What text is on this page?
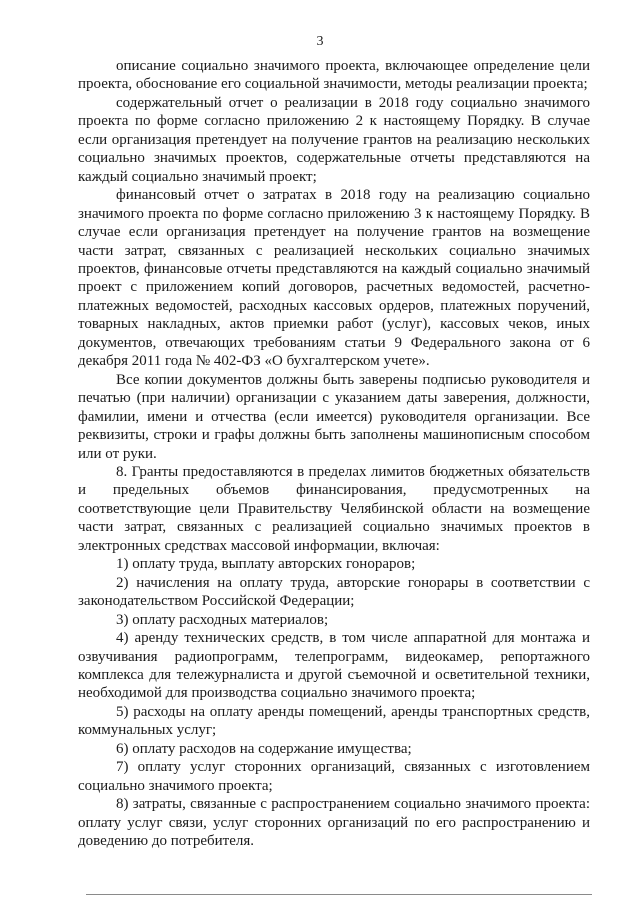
3

описание социально значимого проекта, включающее определение цели проекта, обоснование его социальной значимости, методы реализации проекта;

содержательный отчет о реализации в 2018 году социально значимого проекта по форме согласно приложению 2 к настоящему Порядку. В случае если организация претендует на получение грантов на реализацию нескольких социально значимых проектов, содержательные отчеты представляются на каждый социально значимый проект;

финансовый отчет о затратах в 2018 году на реализацию социально значимого проекта по форме согласно приложению 3 к настоящему Порядку. В случае если организация претендует на получение грантов на возмещение части затрат, связанных с реализацией нескольких социально значимых проектов, финансовые отчеты представляются на каждый социально значимый проект с приложением копий договоров, расчетных ведомостей, расчетно-платежных ведомостей, расходных кассовых ордеров, платежных поручений, товарных накладных, актов приемки работ (услуг), кассовых чеков, иных документов, отвечающих требованиям статьи 9 Федерального закона от 6 декабря 2011 года № 402-ФЗ «О бухгалтерском учете».

Все копии документов должны быть заверены подписью руководителя и печатью (при наличии) организации с указанием даты заверения, должности, фамилии, имени и отчества (если имеется) руководителя организации. Все реквизиты, строки и графы должны быть заполнены машинописным способом или от руки.

8. Гранты предоставляются в пределах лимитов бюджетных обязательств и предельных объемов финансирования, предусмотренных на соответствующие цели Правительству Челябинской области на возмещение части затрат, связанных с реализацией социально значимых проектов в электронных средствах массовой информации, включая:

1) оплату труда, выплату авторских гонораров;

2) начисления на оплату труда, авторские гонорары в соответствии с законодательством Российской Федерации;

3) оплату расходных материалов;

4) аренду технических средств, в том числе аппаратной для монтажа и озвучивания радиопрограмм, телепрограмм, видеокамер, репортажного комплекса для тележурналиста и другой съемочной и осветительной техники, необходимой для производства социально значимого проекта;

5) расходы на оплату аренды помещений, аренды транспортных средств, коммунальных услуг;

6) оплату расходов на содержание имущества;

7) оплату услуг сторонних организаций, связанных с изготовлением социально значимого проекта;

8) затраты, связанные с распространением социально значимого проекта: оплату услуг связи, услуг сторонних организаций по его распространению и доведению до потребителя.
